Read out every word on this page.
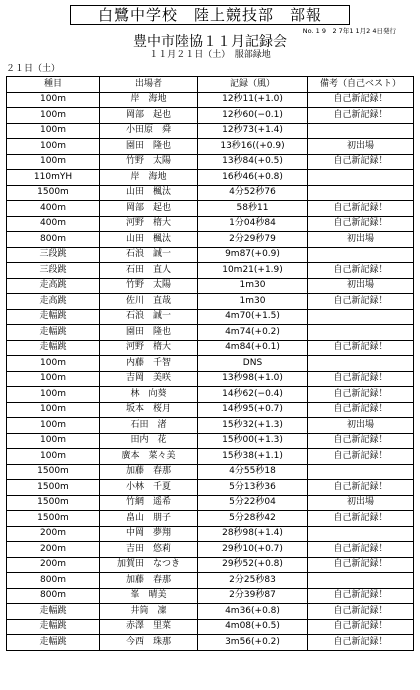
白鷺中学校　陸上競技部　部報
No. 1 9　2 7年1 1月2 4日発行
豊中市陸協１１月記録会
１１月２１日（土）　服部緑地
２１日（土）
種目	出場者	記録（風）	備考（自己ベスト）
100m	岸　海地	12秒11(+1.0)	自己新記録！
100m	岡部　起也	12秒60(−0.1)	自己新記録！
100m	小田原　舜	12秒73(+1.4)	
100m	園田　隆也	13秒16((+0.9)	初出場
100m	竹野　太陽	13秒84(+0.5)	自己新記録！
110mYH	岸　海地	16秒46(+0.8)	
1500m	山田　楓汰	4分52秒76	
400m	岡部　起也	58秒11	自己新記録！
400m	河野　楕大	1分04秒84	自己新記録！
800m	山田　楓汰	2分29秒79	初出場
三段跳	石浪　誠一	9m87(+0.9)	
三段跳	石田　直人	10m21(+1.9)	自己新記録！
走高跳	竹野　太陽	1m30	初出場
走高跳	佐川　直哉	1m30	自己新記録！
走幅跳	石浪　誠一	4m70(+1.5)	
走幅跳	園田　隆也	4m74(+0.2)	
走幅跳	河野　楕大	4m84(+0.1)	自己新記録！
100m	内藤　千智	DNS	
100m	吉岡　美咲	13秒98(+1.0)	自己新記録！
100m	林　向葵	14秒62(−0.4)	自己新記録！
100m	坂本　桜月	14秒95(+0.7)	自己新記録！
100m	石田　渚	15秒32(+1.3)	初出場
100m	田内　花	15秒00(+1.3)	自己新記録！
100m	廣本　菜々美	15秒38(+1.1)	自己新記録！
1500m	加藤　春那	4分55秒18	
1500m	小林　千夏	5分13秒36	自己新記録！
1500m	竹網　遥希	5分22秒04	初出場
1500m	畠山　朋子	5分28秒42	自己新記録！
200m	中岡　夢翔	28秒98(+1.4)	
200m	吉田　悠莉	29秒10(+0.7)	自己新記録！
200m	加賀田　なつき	29秒52(+0.8)	自己新記録！
800m	加藤　春那	2分25秒83	
800m	峯　晴美	2分39秒87	自己新記録！
走幅跳	井筒　凜	4m36(+0.8)	自己新記録！
走幅跳	赤澤　里菜	4m08(+0.5)	自己新記録！
走幅跳	今西　珠那	3m56(+0.2)	自己新記録！
